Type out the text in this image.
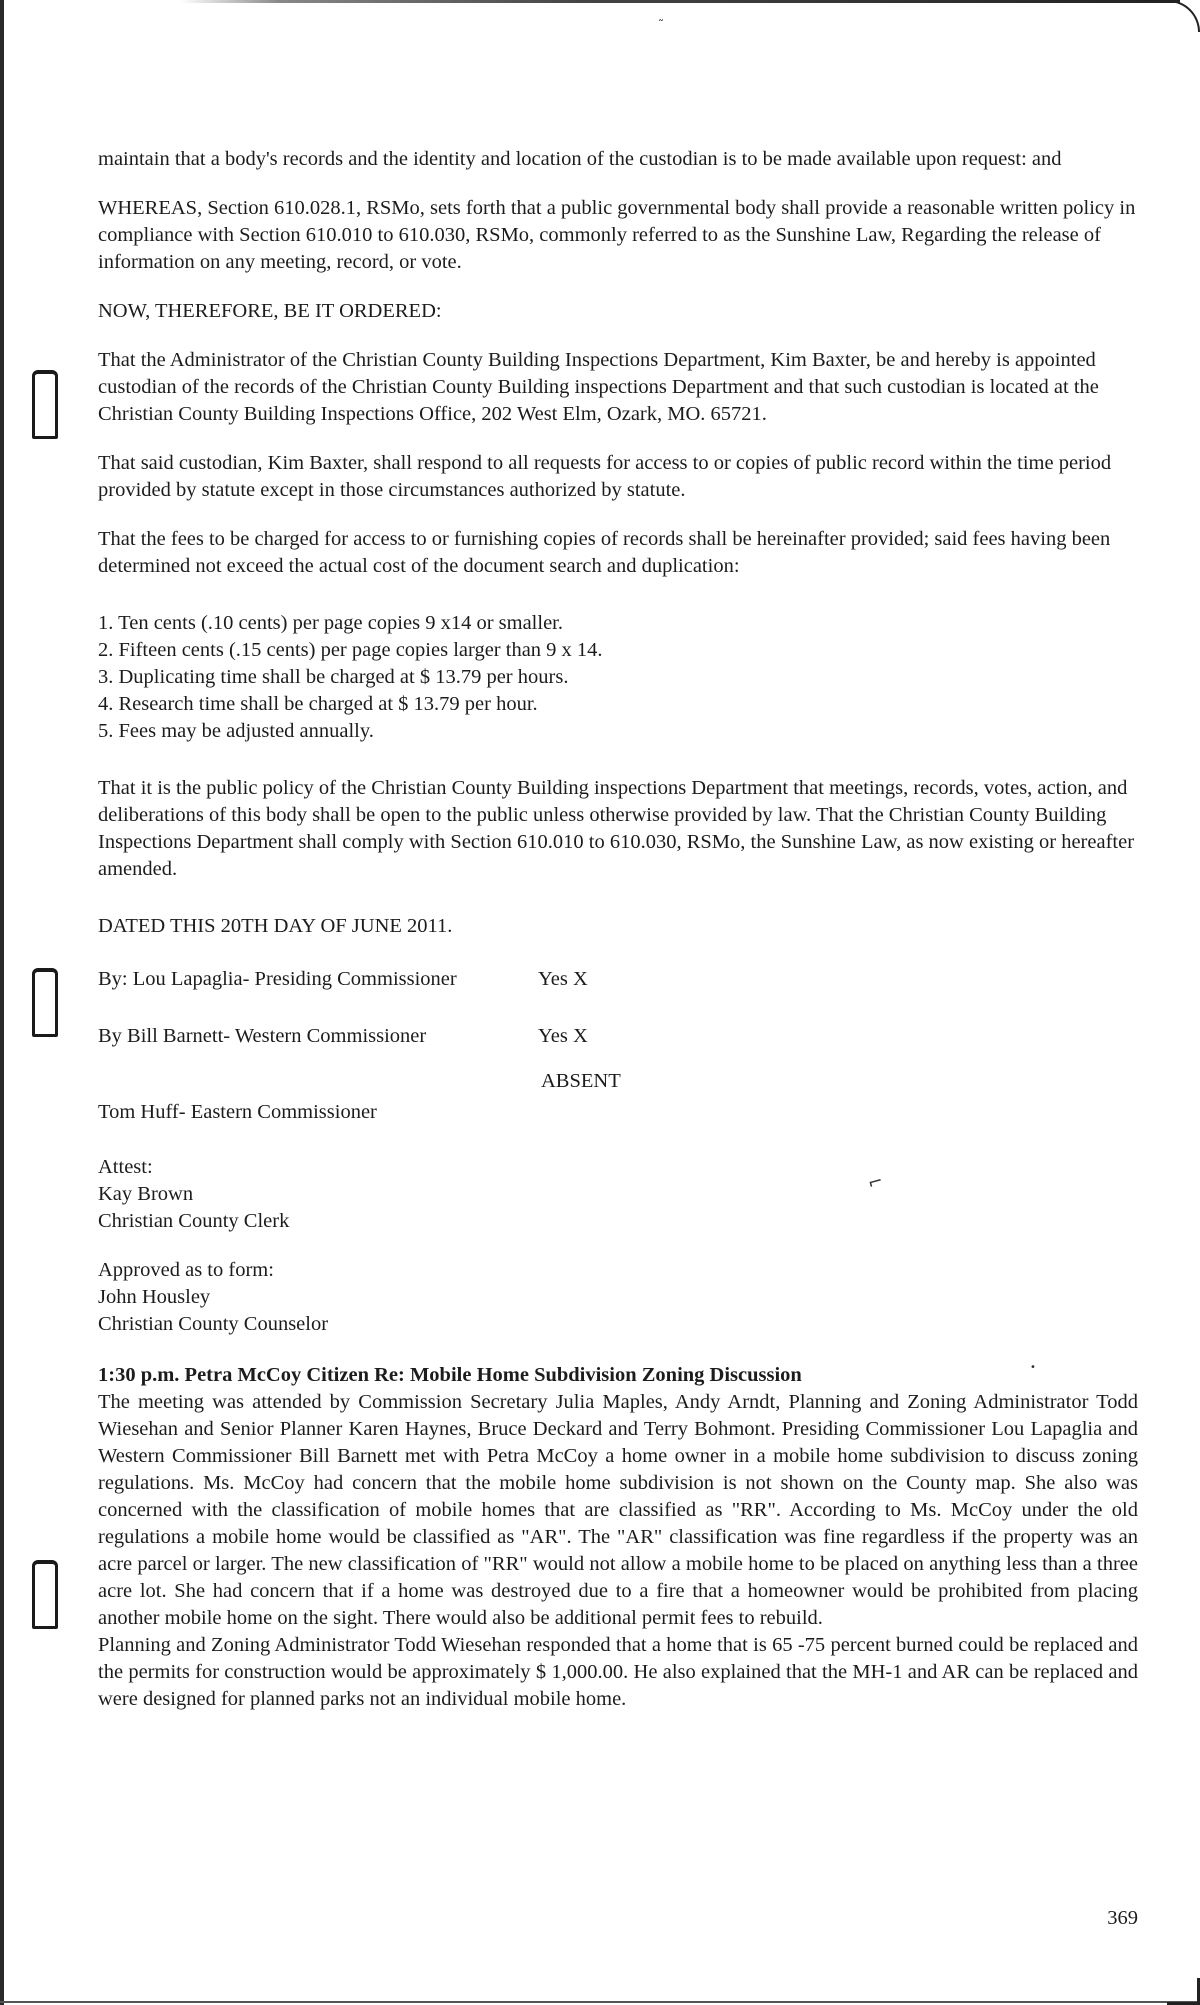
˜
⌐
•

maintain that a body's records and the identity and location of the custodian is to be made available upon request: and

WHEREAS, Section 610.028.1, RSMo, sets forth that a public governmental body shall provide a reasonable written policy in compliance with Section 610.010 to 610.030, RSMo, commonly referred to as the Sunshine Law, Regarding the release of information on any meeting, record, or vote.

NOW, THEREFORE, BE IT ORDERED:

That the Administrator of the Christian County Building Inspections Department, Kim Baxter, be and hereby is appointed custodian of the records of the Christian County Building inspections Department and that such custodian is located at the Christian County Building Inspections Office, 202 West Elm, Ozark, MO. 65721.

That said custodian, Kim Baxter, shall respond to all requests for access to or copies of public record within the time period provided by statute except in those circumstances authorized by statute.

That the fees to be charged for access to or furnishing copies of records shall be hereinafter provided; said fees having been determined not exceed the actual cost of the document search and duplication:

1. Ten cents (.10 cents) per page copies 9 x14 or smaller.
2. Fifteen cents (.15 cents) per page copies larger than 9 x 14.
3. Duplicating time shall be charged at $ 13.79 per hours.
4. Research time shall be charged at $ 13.79 per hour.
5. Fees may be adjusted annually.

That it is the public policy of the Christian County Building inspections Department that meetings, records, votes, action, and deliberations of this body shall be open to the public unless otherwise provided by law. That the Christian County Building Inspections Department shall comply with Section 610.010 to 610.030, RSMo, the Sunshine Law, as now existing or hereafter amended.

DATED THIS 20TH DAY OF JUNE 2011.

By: Lou Lapaglia- Presiding Commissioner	Yes X
By Bill Barnett- Western Commissioner	Yes X
ABSENT
Tom Huff- Eastern Commissioner
Attest:
Kay Brown
Christian County Clerk
Approved as to form:
John Housley
Christian County Counselor

1:30 p.m. Petra McCoy Citizen Re: Mobile Home Subdivision Zoning Discussion

The meeting was attended by Commission Secretary Julia Maples, Andy Arndt, Planning and Zoning Administrator Todd Wiesehan and Senior Planner Karen Haynes, Bruce Deckard and Terry Bohmont. Presiding Commissioner Lou Lapaglia and Western Commissioner Bill Barnett met with Petra McCoy a home owner in a mobile home subdivision to discuss zoning regulations. Ms. McCoy had concern that the mobile home subdivision is not shown on the County map. She also was concerned with the classification of mobile homes that are classified as "RR". According to Ms. McCoy under the old regulations a mobile home would be classified as "AR". The "AR" classification was fine regardless if the property was an acre parcel or larger. The new classification of "RR" would not allow a mobile home to be placed on anything less than a three acre lot. She had concern that if a home was destroyed due to a fire that a homeowner would be prohibited from placing another mobile home on the sight. There would also be additional permit fees to rebuild.

Planning and Zoning Administrator Todd Wiesehan responded that a home that is 65 -75 percent burned could be replaced and the permits for construction would be approximately $ 1,000.00. He also explained that the MH-1 and AR can be replaced and were designed for planned parks not an individual mobile home.

369
